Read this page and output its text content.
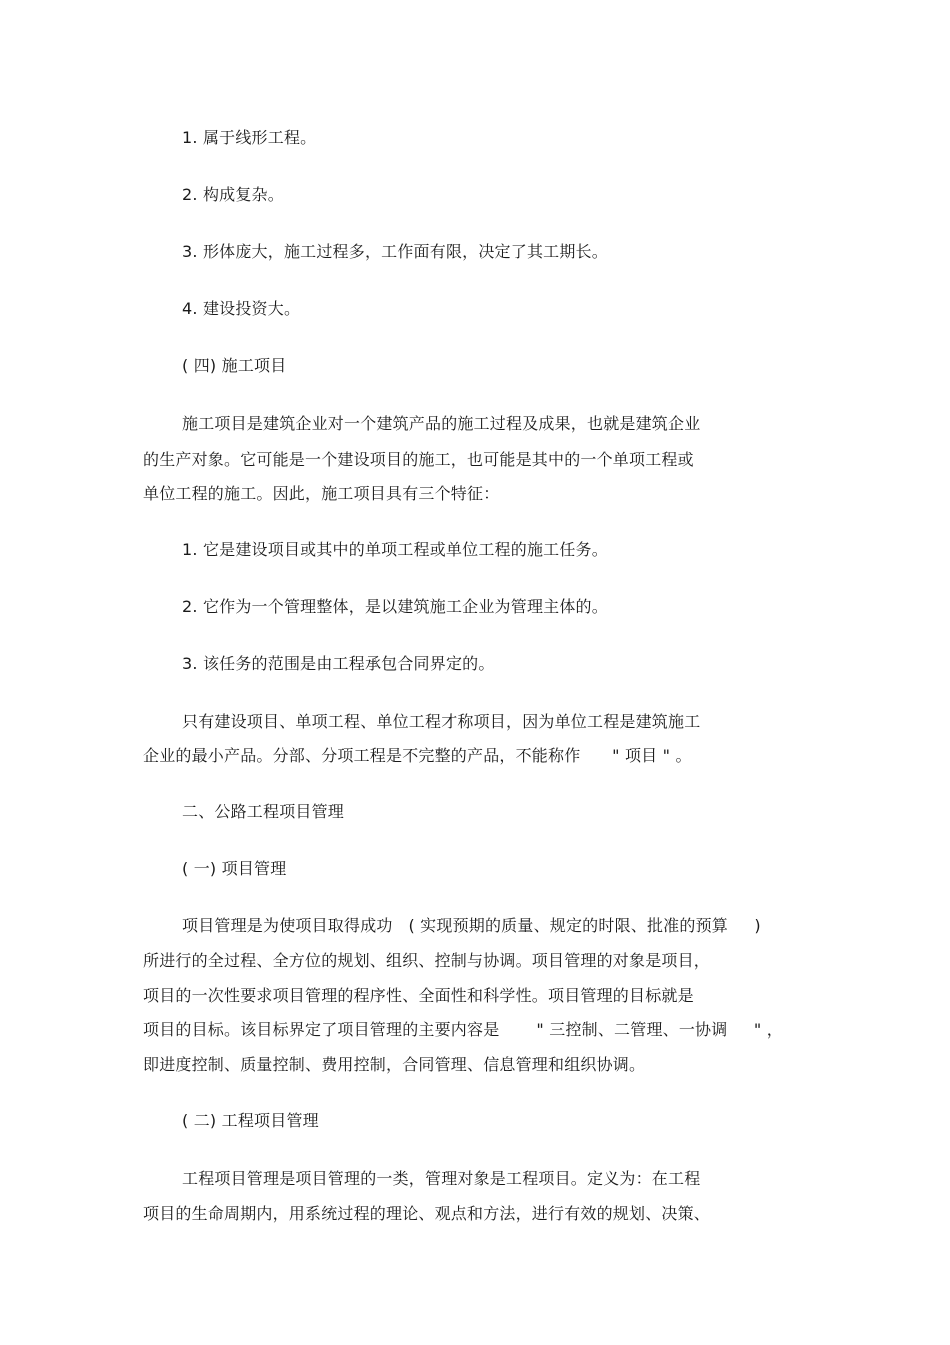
1. 属于线形工程。
2. 构成复杂。
3. 形体庞大，施工过程多，工作面有限，决定了其工期长。
4. 建设投资大。
( 四) 施工项目
施工项目是建筑企业对一个建筑产品的施工过程及成果，也就是建筑企业
的生产对象。它可能是一个建设项目的施工，也可能是其中的一个单项工程或
单位工程的施工。因此，施工项目具有三个特征：
1. 它是建设项目或其中的单项工程或单位工程的施工任务。
2. 它作为一个管理整体，是以建筑施工企业为管理主体的。
3. 该任务的范围是由工程承包合同界定的。
只有建设项目、单项工程、单位工程才称项目，因为单位工程是建筑施工
企业的最小产品。分部、分项工程是不完整的产品，不能称作      " 项目 " 。
二、公路工程项目管理
( 一) 项目管理
项目管理是为使项目取得成功   ( 实现预期的质量、规定的时限、批准的预算     )
所进行的全过程、全方位的规划、组织、控制与协调。项目管理的对象是项目，
项目的一次性要求项目管理的程序性、全面性和科学性。项目管理的目标就是
项目的目标。该目标界定了项目管理的主要内容是       " 三控制、二管理、一协调     " ，
即进度控制、质量控制、费用控制，合同管理、信息管理和组织协调。
( 二) 工程项目管理
工程项目管理是项目管理的一类，管理对象是工程项目。定义为：在工程
项目的生命周期内，用系统过程的理论、观点和方法，进行有效的规划、决策、
